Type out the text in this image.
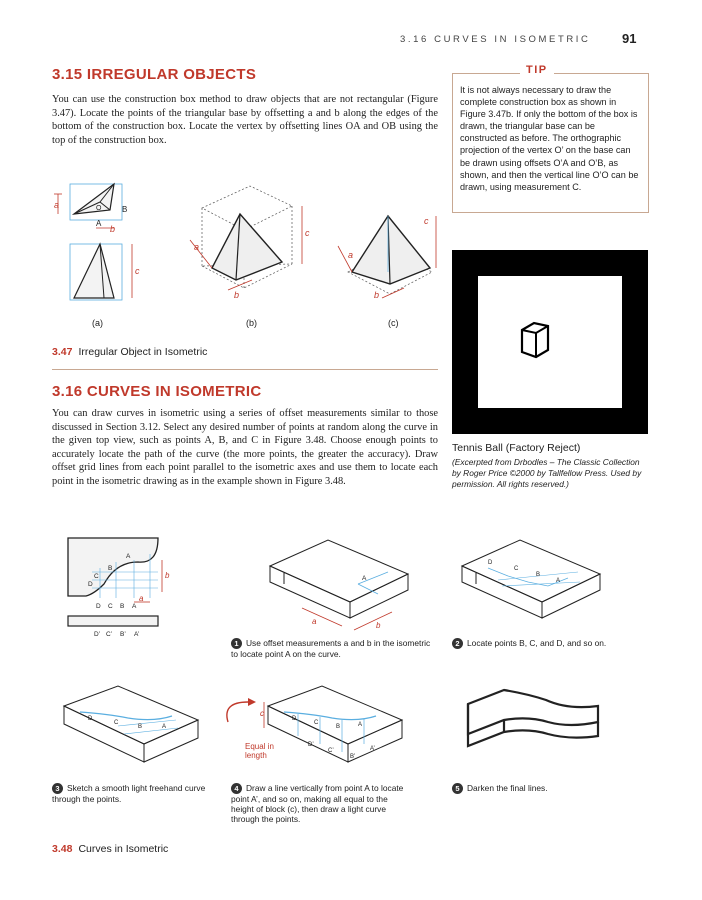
3.16 CURVES IN ISOMETRIC 91
3.15 IRREGULAR OBJECTS
You can use the construction box method to draw objects that are not rectangular (Figure 3.47). Locate the points of the triangular base by offsetting a and b along the edges of the bottom of the construction box. Locate the vertex by offsetting lines OA and OB using the top of the construction box.
TIP
It is not always necessary to draw the complete construction box as shown in Figure 3.47b. If only the bottom of the box is drawn, the triangular base can be constructed as before. The orthographic projection of the vertex O’ on the base can be drawn using offsets O’A and O’B, as shown, and then the vertical line O’O can be drawn, using measurement C.
a	O	B
A
b
c
a
b
c
a
b
c
(a)	(b)	(c)
3.47 Irregular Object in Isometric
3.16 CURVES IN ISOMETRIC
You can draw curves in isometric using a series of offset measurements similar to those discussed in Section 3.12. Select any desired number of points at random along the curve in the given top view, such as points A, B, and C in Figure 3.48. Choose enough points to accurately locate the path of the curve (the more points, the greater the accuracy). Draw offset grid lines from each point parallel to the isometric axes and use them to locate each point in the isometric drawing as in the example shown in Figure 3.48.
Tennis Ball (Factory Reject)
(Excerpted from Drbodles – The Classic Collection by Roger Price ©2000 by Tallfellow Press. Used by permission. All rights reserved.)
B
A
C
D
b
a
D C B A
D’ C’ B’ A’
A
a	b
D
C
B
A
1 Use offset measurements a and b in the isometric to locate point A on the curve.
2 Locate points B, C, and D, and so on.
D
C
B	A
c
D
C
B	A
D’
C’
B’
A’
Equal in length
3 Sketch a smooth light freehand curve through the points.
4 Draw a line vertically from point A to locate point A’, and so on, making all equal to the height of block (c), then draw a light curve through the points.
5 Darken the final lines.
3.48 Curves in Isometric
